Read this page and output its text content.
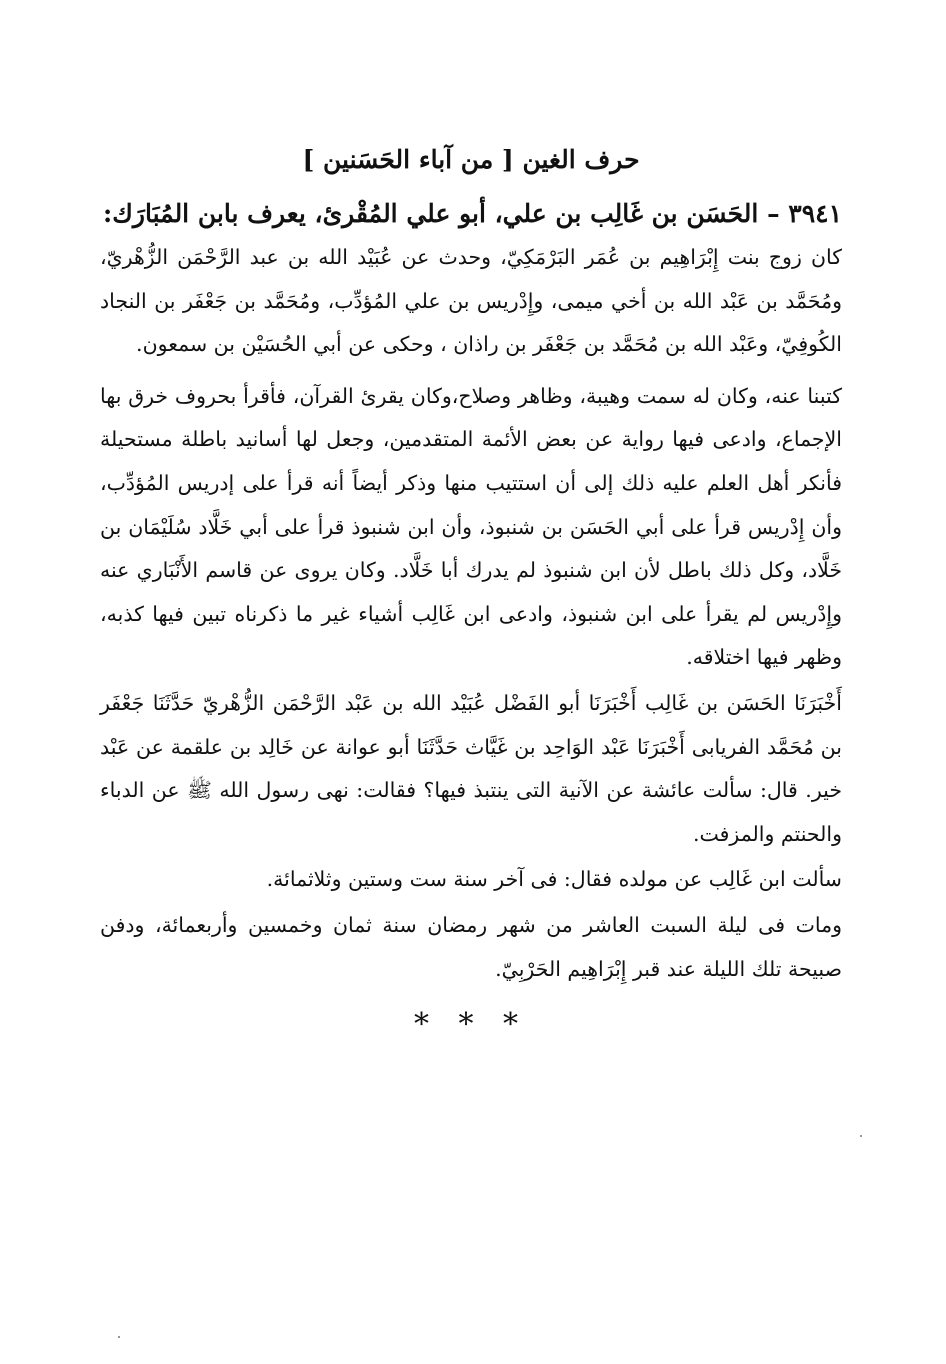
حرف الغين [ من آباء الحَسَنين ]
٣٩٤١ – الحَسَن بن غَالِب بن علي، أبو علي المُقْرئ، يعرف بابن المُبَارَك:

كان زوج بنت إِبْرَاهِيم بن عُمَر البَرْمَكِيّ، وحدث عن عُبَيْد الله بن عبد الرَّحْمَن الزُّهْريّ، ومُحَمَّد بن عَبْد الله بن أخي ميمى، وإِدْريس بن علي المُؤدِّب، ومُحَمَّد بن جَعْفَر بن النجاد الكُوفِيّ، وعَبْد الله بن مُحَمَّد بن جَعْفَر بن راذان ، وحكى عن أبي الحُسَيْن بن سمعون.

كتبنا عنه، وكان له سمت وهيبة، وظاهر وصلاح،وكان يقرئ القرآن، فأقرأ بحروف خرق بها الإجماع، وادعى فيها رواية عن بعض الأئمة المتقدمين، وجعل لها أسانيد باطلة مستحيلة فأنكر أهل العلم عليه ذلك إلى أن استتيب منها وذكر أيضاً أنه قرأ على إدريس المُؤدِّب، وأن إِدْريس قرأ على أبي الحَسَن بن شنبوذ، وأن ابن شنبوذ قرأ على أبي خَلَّاد سُلَيْمَان بن خَلَّاد، وكل ذلك باطل لأن ابن شنبوذ لم يدرك أبا خَلَّاد. وكان يروى عن قاسم الأَنْبَاري عنه وإِدْريس لم يقرأ على ابن شنبوذ، وادعى ابن غَالِب أشياء غير ما ذكرناه تبين فيها كذبه، وظهر فيها اختلاقه.

أَخْبَرَنَا الحَسَن بن غَالِب أَخْبَرَنَا أبو الفَضْل عُبَيْد الله بن عَبْد الرَّحْمَن الزُّهْريّ حَدَّثَنَا جَعْفَر بن مُحَمَّد الفريابى أَخْبَرَنَا عَبْد الوَاحِد بن غَيَّاث حَدَّثَنَا أبو عوانة عن خَالِد بن علقمة عن عَبْد خير. قال: سألت عائشة عن الآنية التى ينتبذ فيها؟ فقالت: نهى رسول الله ﷺ عن الدباء والحنتم والمزفت.

سألت ابن غَالِب عن مولده فقال: فى آخر سنة ست وستين وثلاثمائة.

ومات فى ليلة السبت العاشر من شهر رمضان سنة ثمان وخمسين وأربعمائة، ودفن صبيحة تلك الليلة عند قبر إِبْرَاهِيم الحَرْبِيّ.

* * *
